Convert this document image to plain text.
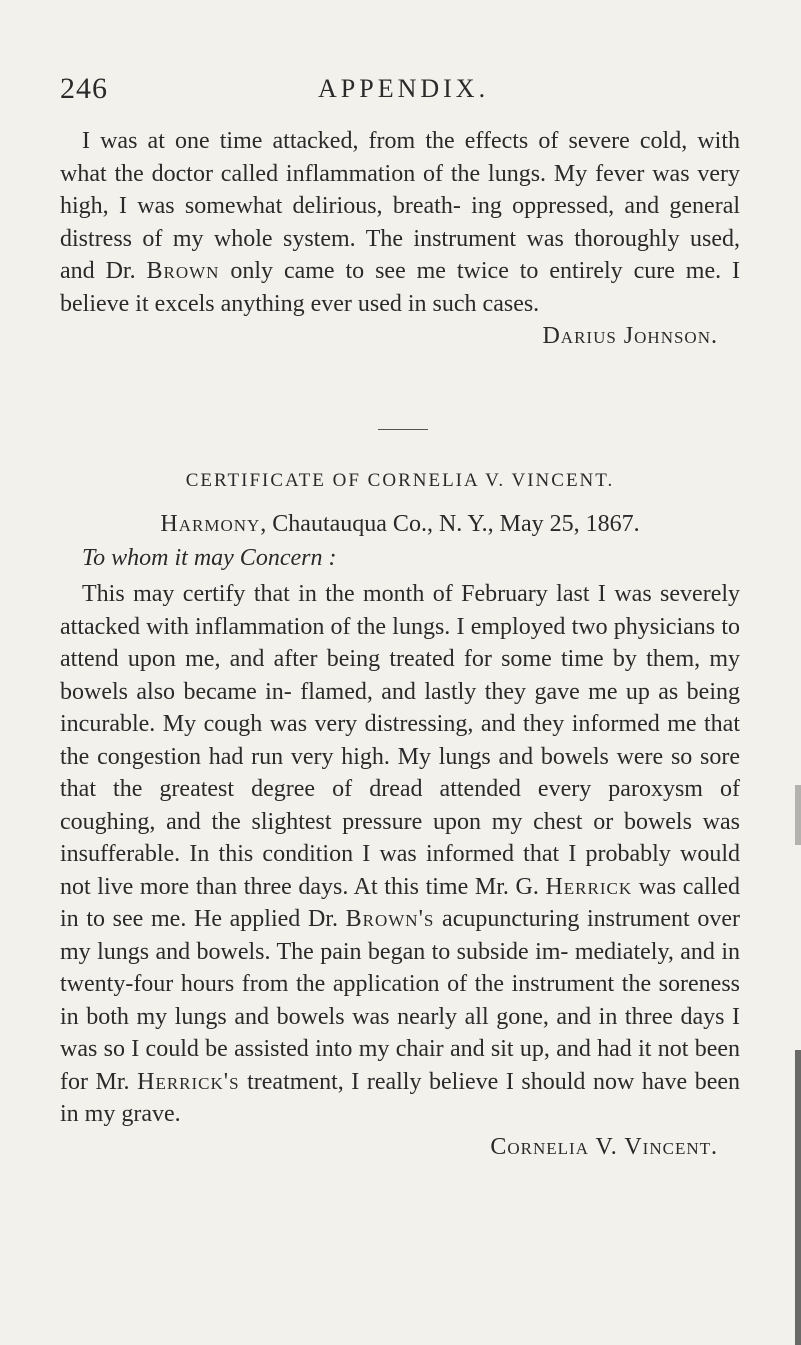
246	APPENDIX.

I was at one time attacked, from the effects of severe cold, with what the doctor called inflammation of the lungs. My fever was very high, I was somewhat delirious, breath- ing oppressed, and general distress of my whole system. The instrument was thoroughly used, and Dr. Brown only came to see me twice to entirely cure me. I believe it excels anything ever used in such cases.

Darius Johnson.

CERTIFICATE OF CORNELIA V. VINCENT.
Harmony, Chautauqua Co., N. Y., May 25, 1867.
To whom it may Concern :

This may certify that in the month of February last I was severely attacked with inflammation of the lungs. I employed two physicians to attend upon me, and after being treated for some time by them, my bowels also became in- flamed, and lastly they gave me up as being incurable. My cough was very distressing, and they informed me that the congestion had run very high. My lungs and bowels were so sore that the greatest degree of dread attended every paroxysm of coughing, and the slightest pressure upon my chest or bowels was insufferable. In this condition I was informed that I probably would not live more than three days. At this time Mr. G. Herrick was called in to see me. He applied Dr. Brown's acupuncturing instrument over my lungs and bowels. The pain began to subside im- mediately, and in twenty-four hours from the application of the instrument the soreness in both my lungs and bowels was nearly all gone, and in three days I was so I could be assisted into my chair and sit up, and had it not been for Mr. Herrick's treatment, I really believe I should now have been in my grave.

Cornelia V. Vincent.
